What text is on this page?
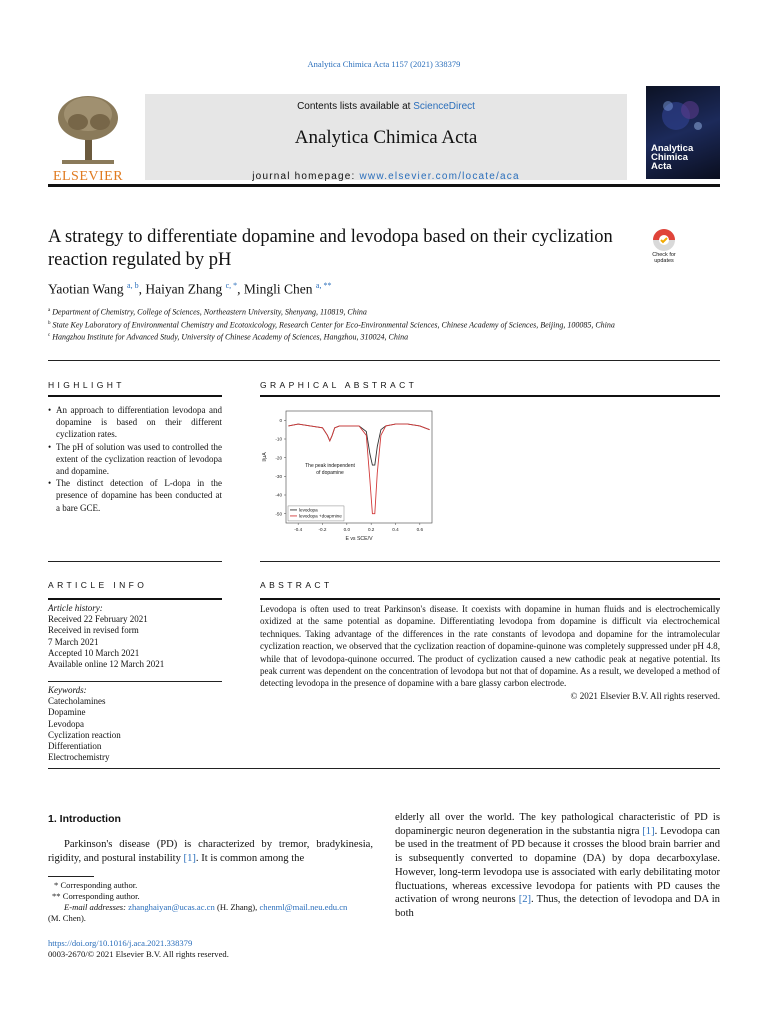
Analytica Chimica Acta 1157 (2021) 338379
ELSEVIER
Contents lists available at ScienceDirect
Analytica Chimica Acta
journal homepage: www.elsevier.com/locate/aca
Analytica
Chimica
Acta
A strategy to differentiate dopamine and levodopa based on their cyclization reaction regulated by pH	Check for updates
Yaotian Wang $^{a, b}$, Haiyan Zhang $^{c, *}$, Mingli Chen $^{a, **}$
$^a$ Department of Chemistry, College of Sciences, Northeastern University, Shenyang, 110819, China
$^b$ State Key Laboratory of Environmental Chemistry and Ecotoxicology, Research Center for Eco-Environmental Sciences, Chinese Academy of Sciences, Beijing, 100085, China
$^c$ Hangzhou Institute for Advanced Study, University of Chinese Academy of Sciences, Hangzhou, 310024, China
HIGHLIGHT
• An approach to differentiation levodopa and dopamine is based on their different cyclization rates.
• The pH of solution was used to controlled the extent of the cyclization reaction of levodopa and dopamine.
• The distinct detection of L-dopa in the presence of dopamine has been conducted at a bare GCE.
GRAPHICAL ABSTRACT
-0.4	-0.2	0.0	0.2	0.4	0.6
0
-10
-20
-30
-40
-50
E vs SCE/V
I/μA
The peak independent
of dopamine
levodopa
levodopa +doapmine
ARTICLE INFO
Article history:
Received 22 February 2021
Received in revised form
7 March 2021
Accepted 10 March 2021
Available online 12 March 2021
Keywords:
Catecholamines
Dopamine
Levodopa
Cyclization reaction
Differentiation
Electrochemistry
ABSTRACT
Levodopa is often used to treat Parkinson's disease. It coexists with dopamine in human fluids and is electrochemically oxidized at the same potential as dopamine. Differentiating levodopa from dopamine is difficult via electrochemical techniques. Taking advantage of the differences in the rate constants of levodopa and dopamine for the intramolecular cyclization reaction, we observed that the cyclization reaction of dopamine-quinone was completely suppressed under pH 4.8, while that of levodopa-quinone occurred. The product of cyclization caused a new cathodic peak at negative potential. Its peak current was dependent on the concentration of levodopa but not that of dopamine. As a result, we developed a method of detecting levodopa in the presence of dopamine with a bare glassy carbon electrode.
© 2021 Elsevier B.V. All rights reserved.
1. Introduction
Parkinson's disease (PD) is characterized by tremor, bradykinesia, rigidity, and postural instability [1]. It is common among the
elderly all over the world. The key pathological characteristic of PD is dopaminergic neuron degeneration in the substantia nigra [1]. Levodopa can be used in the treatment of PD because it crosses the blood brain barrier and is subsequently converted to dopamine (DA) by dopa decarboxylase. However, long-term levodopa use is associated with early debilitating motor fluctuations, whereas excessive levodopa for patients with PD causes the activation of wrong neurons [2]. Thus, the detection of levodopa and DA in both
* Corresponding author.
** Corresponding author.
E-mail addresses: zhanghaiyan@ucas.ac.cn (H. Zhang), chenml@mail.neu.edu.cn
(M. Chen).
https://doi.org/10.1016/j.aca.2021.338379
0003-2670/© 2021 Elsevier B.V. All rights reserved.
